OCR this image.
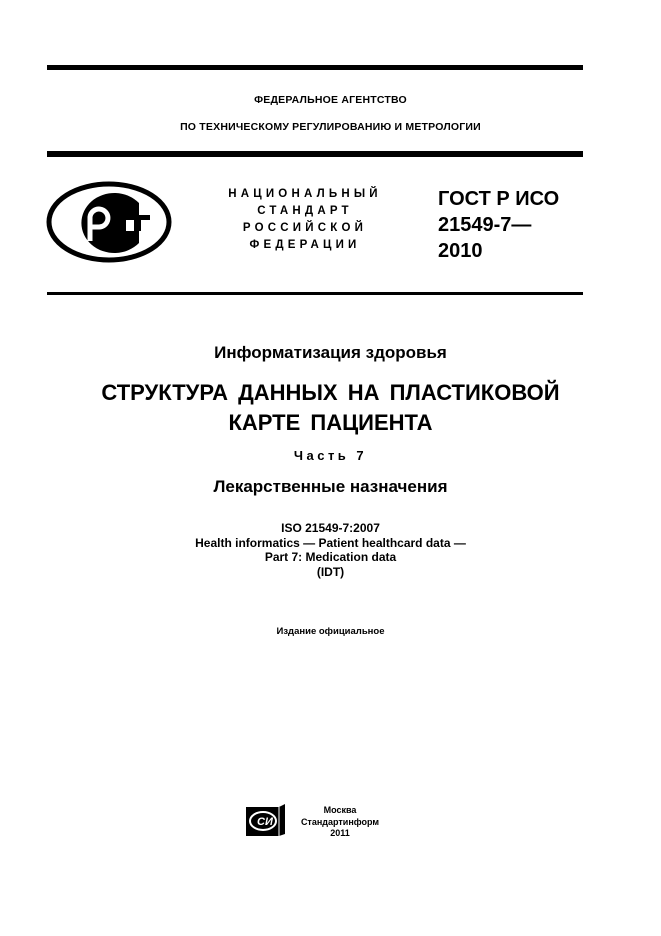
ФЕДЕРАЛЬНОЕ АГЕНТСТВО
ПО ТЕХНИЧЕСКОМУ РЕГУЛИРОВАНИЮ И МЕТРОЛОГИИ
НАЦИОНАЛЬНЫЙ
СТАНДАРТ
РОССИЙСКОЙ
ФЕДЕРАЦИИ
ГОСТ Р ИСО
21549-7—
2010
Информатизация здоровья
СТРУКТУРА ДАННЫХ НА ПЛАСТИКОВОЙ
КАРТЕ ПАЦИЕНТА
Часть 7
Лекарственные назначения
ISO 21549-7:2007
Health informatics — Patient healthcard data —
Part 7: Medication data
(IDT)
Издание официальное
СИ
Москва
Стандартинформ
2011
